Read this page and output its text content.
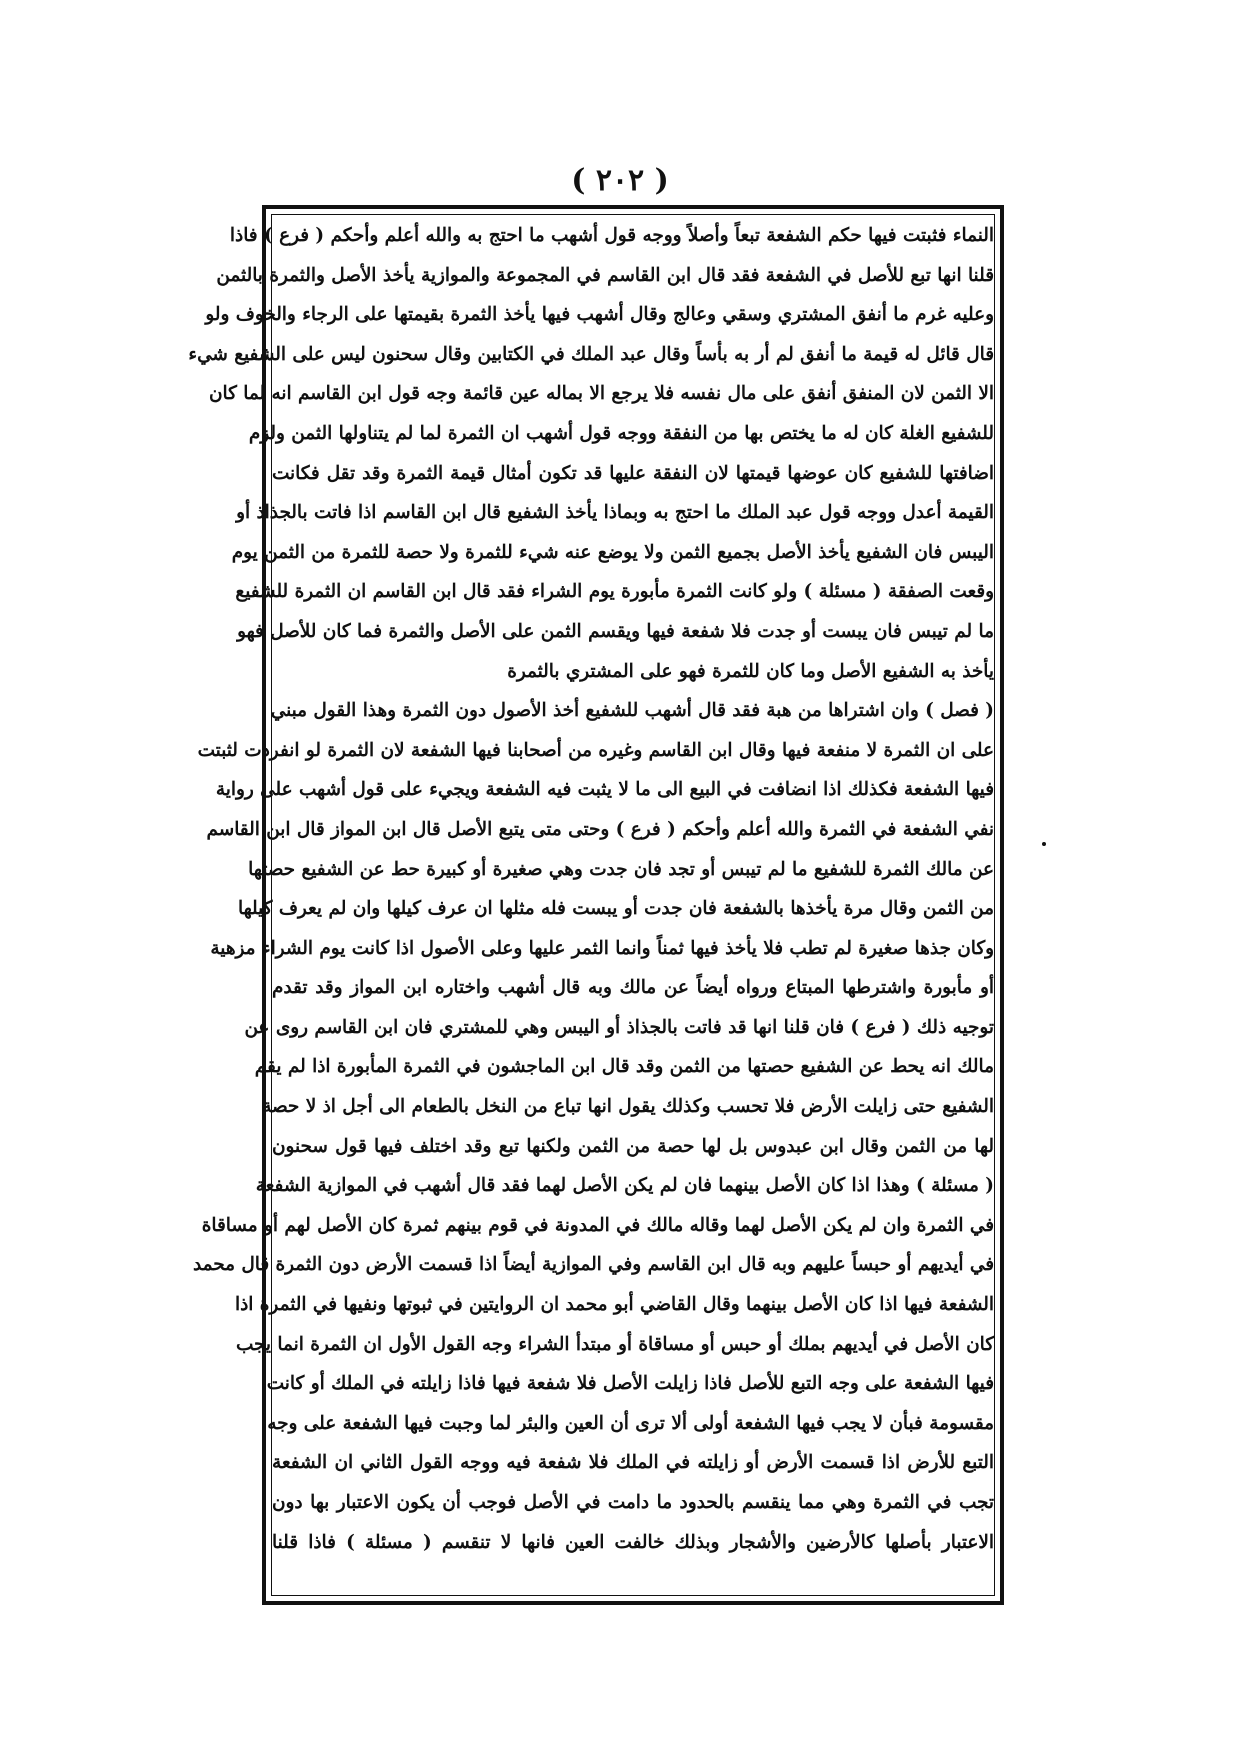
( ٢٠٢ )
النماء فثبتت فيها حكم الشفعة تبعاً وأصلاً ووجه قول أشهب ما احتج به والله أعلم وأحكم ( فرع ) فاذا
قلنا انها تبع للأصل في الشفعة فقد قال ابن القاسم في المجموعة والموازية يأخذ الأصل والثمرة بالثمن
وعليه غرم ما أنفق المشتري وسقي وعالج وقال أشهب فيها يأخذ الثمرة بقيمتها على الرجاء والخوف ولو
قال قائل له قيمة ما أنفق لم أر به بأساً وقال عبد الملك في الكتابين وقال سحنون ليس على الشفيع شيء
الا الثمن لان المنفق أنفق على مال نفسه فلا يرجع الا بماله عين قائمة وجه قول ابن القاسم انه لما كان
للشفيع الغلة كان له ما يختص بها من النفقة ووجه قول أشهب ان الثمرة لما لم يتناولها الثمن ولزم
اضافتها للشفيع كان عوضها قيمتها لان النفقة عليها قد تكون أمثال قيمة الثمرة وقد تقل فكانت
القيمة أعدل ووجه قول عبد الملك ما احتج به وبماذا يأخذ الشفيع قال ابن القاسم اذا فاتت بالجذاذ أو
اليبس فان الشفيع يأخذ الأصل بجميع الثمن ولا يوضع عنه شيء للثمرة ولا حصة للثمرة من الثمن يوم
وقعت الصفقة ( مسئلة ) ولو كانت الثمرة مأبورة يوم الشراء فقد قال ابن القاسم ان الثمرة للشفيع
ما لم تيبس فان يبست أو جدت فلا شفعة فيها ويقسم الثمن على الأصل والثمرة فما كان للأصل فهو
يأخذ به الشفيع الأصل وما كان للثمرة فهو على المشتري بالثمرة
( فصل ) وان اشتراها من هبة فقد قال أشهب للشفيع أخذ الأصول دون الثمرة وهذا القول مبني
على ان الثمرة لا منفعة فيها وقال ابن القاسم وغيره من أصحابنا فيها الشفعة لان الثمرة لو انفردت لثبتت
فيها الشفعة فكذلك اذا انضافت في البيع الى ما لا يثبت فيه الشفعة ويجيء على قول أشهب على رواية
نفي الشفعة في الثمرة والله أعلم وأحكم ( فرع ) وحتى متى يتبع الأصل قال ابن المواز قال ابن القاسم
عن مالك الثمرة للشفيع ما لم تيبس أو تجد فان جدت وهي صغيرة أو كبيرة حط عن الشفيع حصتها
من الثمن وقال مرة يأخذها بالشفعة فان جدت أو يبست فله مثلها ان عرف كيلها وان لم يعرف كيلها
وكان جذها صغيرة لم تطب فلا يأخذ فيها ثمناً وانما الثمر عليها وعلى الأصول اذا كانت يوم الشراء مزهية
أو مأبورة واشترطها المبتاع ورواه أيضاً عن مالك وبه قال أشهب واختاره ابن المواز وقد تقدم
توجيه ذلك ( فرع ) فان قلنا انها قد فاتت بالجذاذ أو اليبس وهي للمشتري فان ابن القاسم روى عن
مالك انه يحط عن الشفيع حصتها من الثمن وقد قال ابن الماجشون في الثمرة المأبورة اذا لم يقم
الشفيع حتى زايلت الأرض فلا تحسب وكذلك يقول انها تباع من النخل بالطعام الى أجل اذ لا حصة
لها من الثمن وقال ابن عبدوس بل لها حصة من الثمن ولكنها تبع وقد اختلف فيها قول سحنون
( مسئلة ) وهذا اذا كان الأصل بينهما فان لم يكن الأصل لهما فقد قال أشهب في الموازية الشفعة
في الثمرة وان لم يكن الأصل لهما وقاله مالك في المدونة في قوم بينهم ثمرة كان الأصل لهم أو مساقاة
في أيديهم أو حبساً عليهم وبه قال ابن القاسم وفي الموازية أيضاً اذا قسمت الأرض دون الثمرة قال محمد
الشفعة فيها اذا كان الأصل بينهما وقال القاضي أبو محمد ان الروايتين في ثبوتها ونفيها في الثمرة اذا
كان الأصل في أيديهم بملك أو حبس أو مساقاة أو مبتدأ الشراء وجه القول الأول ان الثمرة انما يجب
فيها الشفعة على وجه التبع للأصل فاذا زايلت الأصل فلا شفعة فيها فاذا زايلته في الملك أو كانت
مقسومة فبأن لا يجب فيها الشفعة أولى ألا ترى أن العين والبئر لما وجبت فيها الشفعة على وجه
التبع للأرض اذا قسمت الأرض أو زايلته في الملك فلا شفعة فيه ووجه القول الثاني ان الشفعة
تجب في الثمرة وهي مما ينقسم بالحدود ما دامت في الأصل فوجب أن يكون الاعتبار بها دون
الاعتبار بأصلها كالأرضين والأشجار وبذلك خالفت العين فانها لا تنقسم ( مسئلة ) فاذا قلنا
